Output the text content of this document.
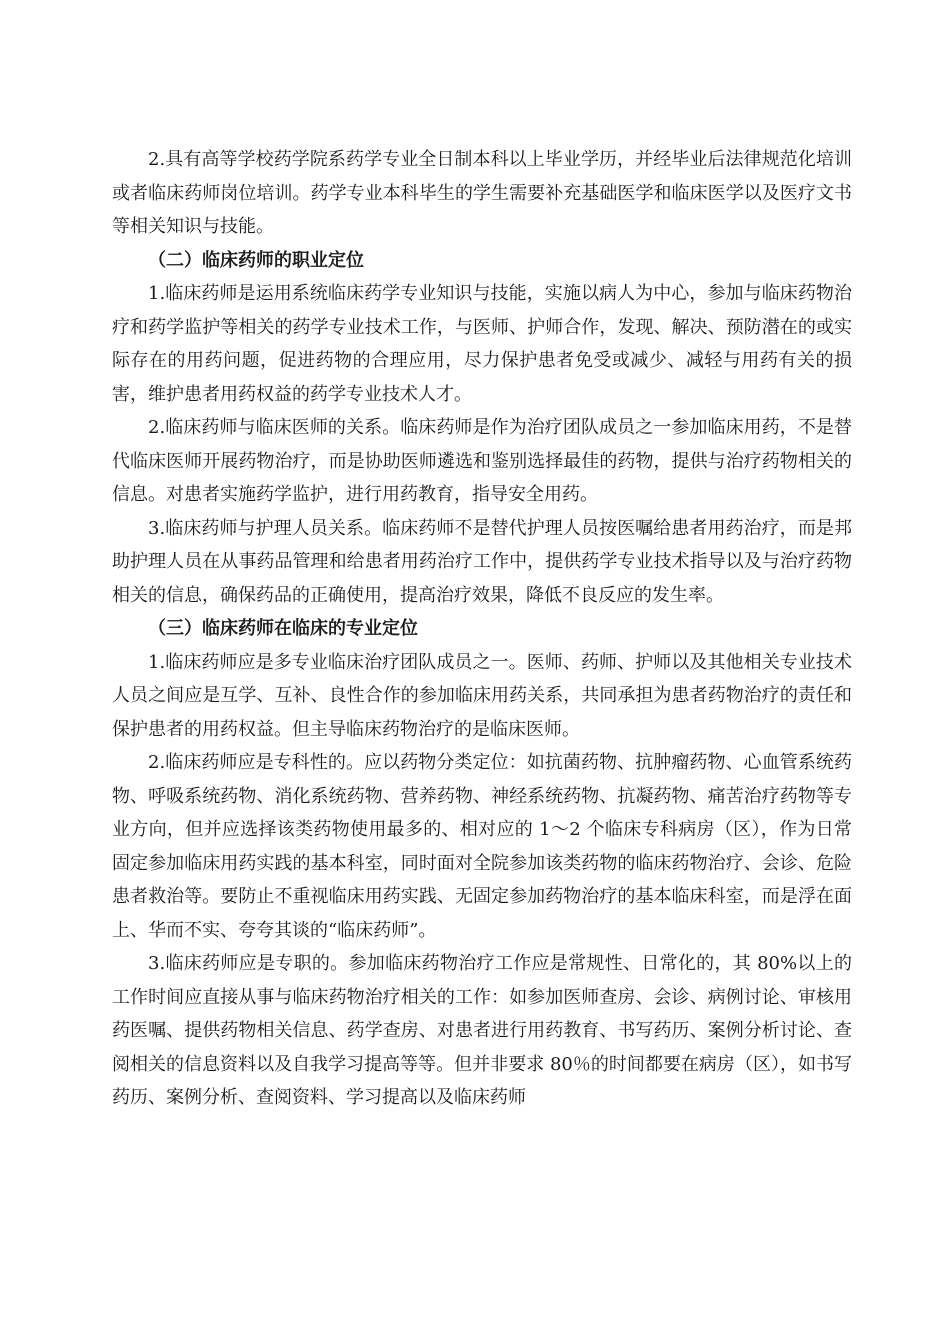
2.具有高等学校药学院系药学专业全日制本科以上毕业学历，并经毕业后法律规范化培训或者临床药师岗位培训。药学专业本科毕生的学生需要补充基础医学和临床医学以及医疗文书等相关知识与技能。

（二）临床药师的职业定位

1.临床药师是运用系统临床药学专业知识与技能，实施以病人为中心，参加与临床药物治疗和药学监护等相关的药学专业技术工作，与医师、护师合作，发现、解决、预防潜在的或实际存在的用药问题，促进药物的合理应用，尽力保护患者免受或减少、减轻与用药有关的损害，维护患者用药权益的药学专业技术人才。

2.临床药师与临床医师的关系。临床药师是作为治疗团队成员之一参加临床用药，不是替代临床医师开展药物治疗，而是协助医师遴选和鉴别选择最佳的药物，提供与治疗药物相关的信息。对患者实施药学监护，进行用药教育，指导安全用药。

3.临床药师与护理人员关系。临床药师不是替代护理人员按医嘱给患者用药治疗，而是邦助护理人员在从事药品管理和给患者用药治疗工作中，提供药学专业技术指导以及与治疗药物相关的信息，确保药品的正确使用，提高治疗效果，降低不良反应的发生率。

（三）临床药师在临床的专业定位

1.临床药师应是多专业临床治疗团队成员之一。医师、药师、护师以及其他相关专业技术人员之间应是互学、互补、良性合作的参加临床用药关系，共同承担为患者药物治疗的责任和保护患者的用药权益。但主导临床药物治疗的是临床医师。

2.临床药师应是专科性的。应以药物分类定位：如抗菌药物、抗肿瘤药物、心血管系统药物、呼吸系统药物、消化系统药物、营养药物、神经系统药物、抗凝药物、痛苦治疗药物等专业方向，但并应选择该类药物使用最多的、相对应的 1～2 个临床专科病房（区），作为日常固定参加临床用药实践的基本科室，同时面对全院参加该类药物的临床药物治疗、会诊、危险患者救治等。要防止不重视临床用药实践、无固定参加药物治疗的基本临床科室，而是浮在面上、华而不实、夸夸其谈的“临床药师”。

3.临床药师应是专职的。参加临床药物治疗工作应是常规性、日常化的，其 80%以上的工作时间应直接从事与临床药物治疗相关的工作：如参加医师查房、会诊、病例讨论、审核用药医嘱、提供药物相关信息、药学查房、对患者进行用药教育、书写药历、案例分析讨论、查阅相关的信息资料以及自我学习提高等等。但并非要求 80％的时间都要在病房（区），如书写药历、案例分析、查阅资料、学习提高以及临床药师
